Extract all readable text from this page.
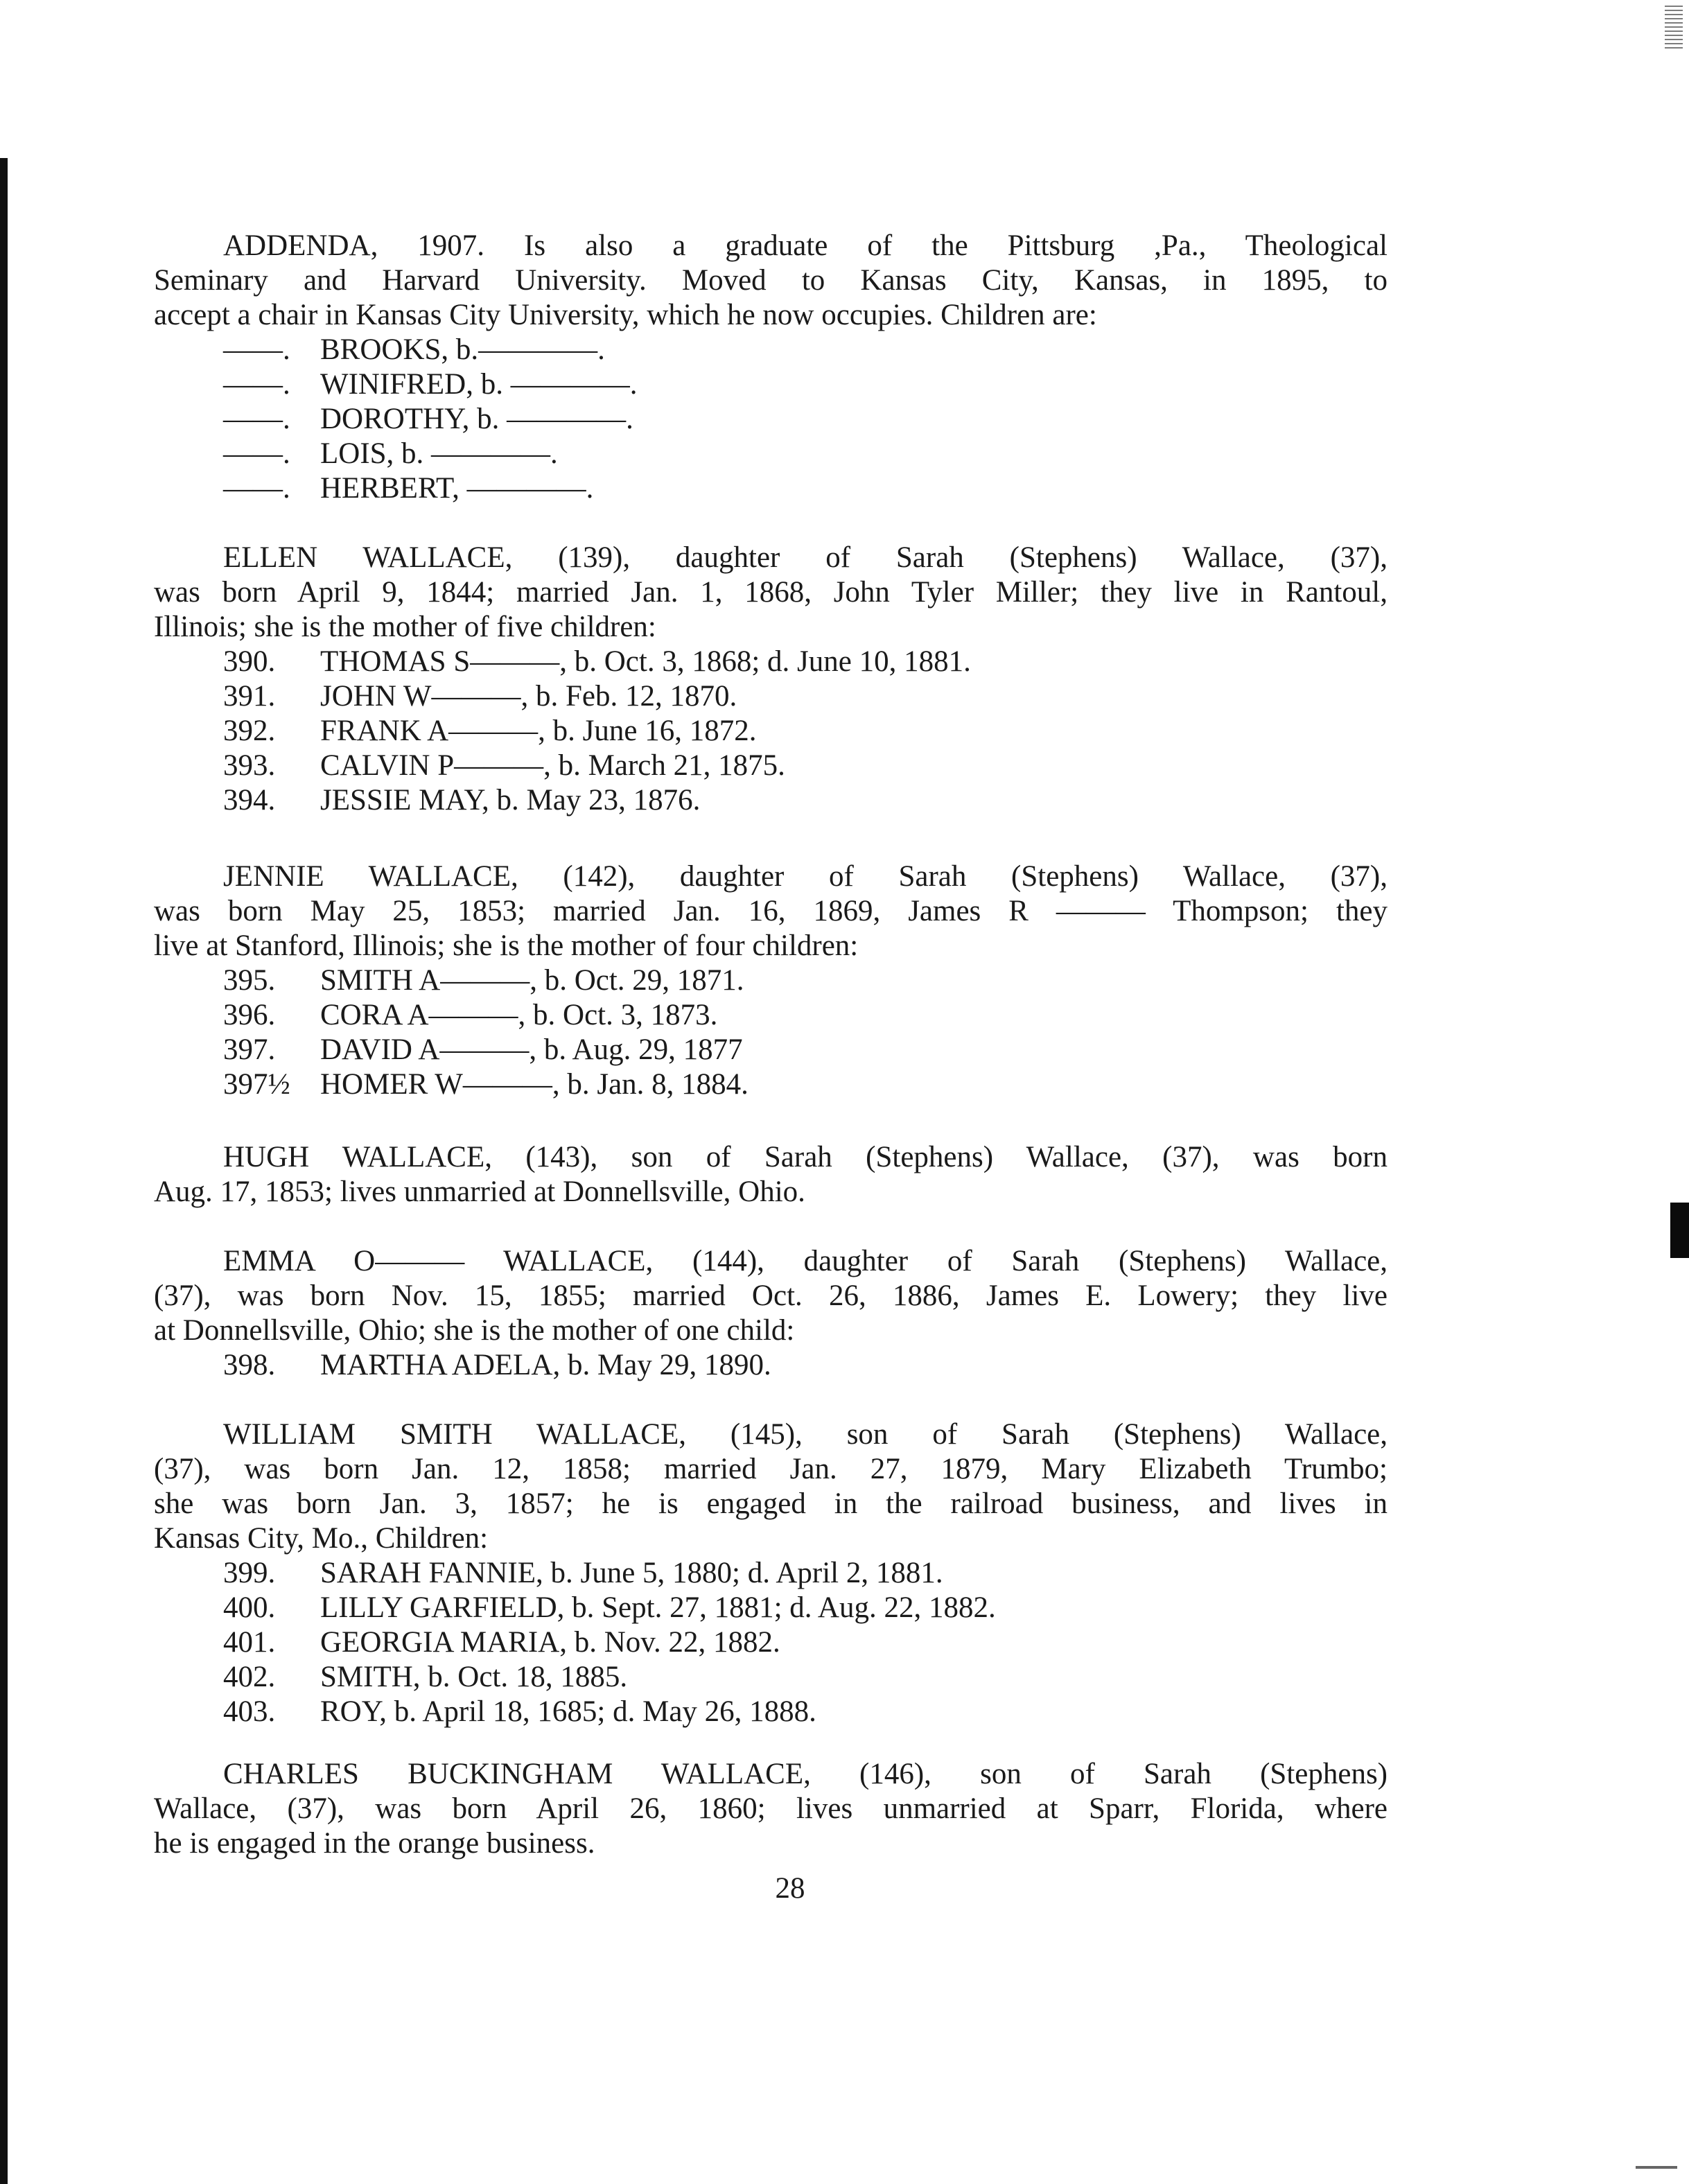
ADDENDA, 1907. Is also a graduate of the Pittsburg ,Pa., Theological
Seminary and Harvard University. Moved to Kansas City, Kansas, in 1895, to
accept a chair in Kansas City University, which he now occupies. Children are:
——. BROOKS, b.————.
——. WINIFRED, b. ————.
——. DOROTHY, b. ————.
——. LOIS, b. ————.
——. HERBERT, ————.
ELLEN WALLACE, (139), daughter of Sarah (Stephens) Wallace, (37),
was born April 9, 1844; married Jan. 1, 1868, John Tyler Miller; they live in Rantoul,
Illinois; she is the mother of five children:
390. THOMAS S———, b. Oct. 3, 1868; d. June 10, 1881.
391. JOHN W———, b. Feb. 12, 1870.
392. FRANK A———, b. June 16, 1872.
393. CALVIN P———, b. March 21, 1875.
394. JESSIE MAY, b. May 23, 1876.
JENNIE WALLACE, (142), daughter of Sarah (Stephens) Wallace, (37),
was born May 25, 1853; married Jan. 16, 1869, James R ——— Thompson; they
live at Stanford, Illinois; she is the mother of four children:
395. SMITH A———, b. Oct. 29, 1871.
396. CORA A———, b. Oct. 3, 1873.
397. DAVID A———, b. Aug. 29, 1877
397½ HOMER W———, b. Jan. 8, 1884.
HUGH WALLACE, (143), son of Sarah (Stephens) Wallace, (37), was born
Aug. 17, 1853; lives unmarried at Donnellsville, Ohio.
EMMA O——— WALLACE, (144), daughter of Sarah (Stephens) Wallace,
(37), was born Nov. 15, 1855; married Oct. 26, 1886, James E. Lowery; they live
at Donnellsville, Ohio; she is the mother of one child:
398. MARTHA ADELA, b. May 29, 1890.
WILLIAM SMITH WALLACE, (145), son of Sarah (Stephens) Wallace,
(37), was born Jan. 12, 1858; married Jan. 27, 1879, Mary Elizabeth Trumbo;
she was born Jan. 3, 1857; he is engaged in the railroad business, and lives in
Kansas City, Mo., Children:
399. SARAH FANNIE, b. June 5, 1880; d. April 2, 1881.
400. LILLY GARFIELD, b. Sept. 27, 1881; d. Aug. 22, 1882.
401. GEORGIA MARIA, b. Nov. 22, 1882.
402. SMITH, b. Oct. 18, 1885.
403. ROY, b. April 18, 1685; d. May 26, 1888.
CHARLES BUCKINGHAM WALLACE, (146), son of Sarah (Stephens)
Wallace, (37), was born April 26, 1860; lives unmarried at Sparr, Florida, where
he is engaged in the orange business.
28
